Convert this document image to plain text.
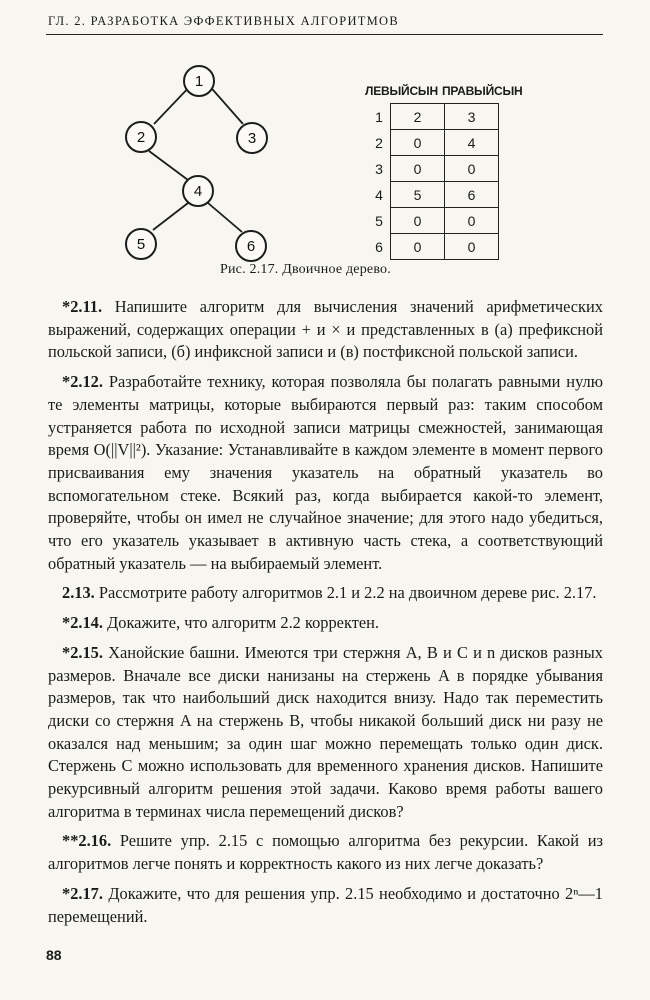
ГЛ. 2. РАЗРАБОТКА ЭФФЕКТИВНЫХ АЛГОРИТМОВ
1
2	3
4
5	6
ЛЕВЫЙСЫН ПРАВЫЙСЫН
1	2	3
2	0	4
3	0	0
4	5	6
5	0	0
6	0	0
Рис. 2.17. Двоичное дерево.

*2.11. Напишите алгоритм для вычисления значений арифметических выражений, содержащих операции + и × и представленных в (а) префиксной польской записи, (б) инфиксной записи и (в) постфиксной польской записи.

*2.12. Разработайте технику, которая позволяла бы полагать равными нулю те элементы матрицы, которые выбираются первый раз: таким способом устраняется работа по исходной записи матрицы смежностей, занимающая время O(||V||²). Указание: Устанавливайте в каждом элементе в момент первого присваивания ему значения указатель на обратный указатель во вспомогательном стеке. Всякий раз, когда выбирается какой-то элемент, проверяйте, чтобы он имел не случайное значение; для этого надо убедиться, что его указатель указывает в активную часть стека, а соответствующий обратный указатель — на выбираемый элемент.

2.13. Рассмотрите работу алгоритмов 2.1 и 2.2 на двоичном дереве рис. 2.17.

*2.14. Докажите, что алгоритм 2.2 корректен.

*2.15. Ханойские башни. Имеются три стержня A, B и C и n дисков разных размеров. Вначале все диски нанизаны на стержень A в порядке убывания размеров, так что наибольший диск находится внизу. Надо так переместить диски со стержня A на стержень B, чтобы никакой больший диск ни разу не оказался над меньшим; за один шаг можно перемещать только один диск. Стержень C можно использовать для временного хранения дисков. Напишите рекурсивный алгоритм решения этой задачи. Каково время работы вашего алгоритма в терминах числа перемещений дисков?

**2.16. Решите упр. 2.15 с помощью алгоритма без рекурсии. Какой из алгоритмов легче понять и корректность какого из них легче доказать?

*2.17. Докажите, что для решения упр. 2.15 необходимо и достаточно 2ⁿ—1 перемещений.

88
